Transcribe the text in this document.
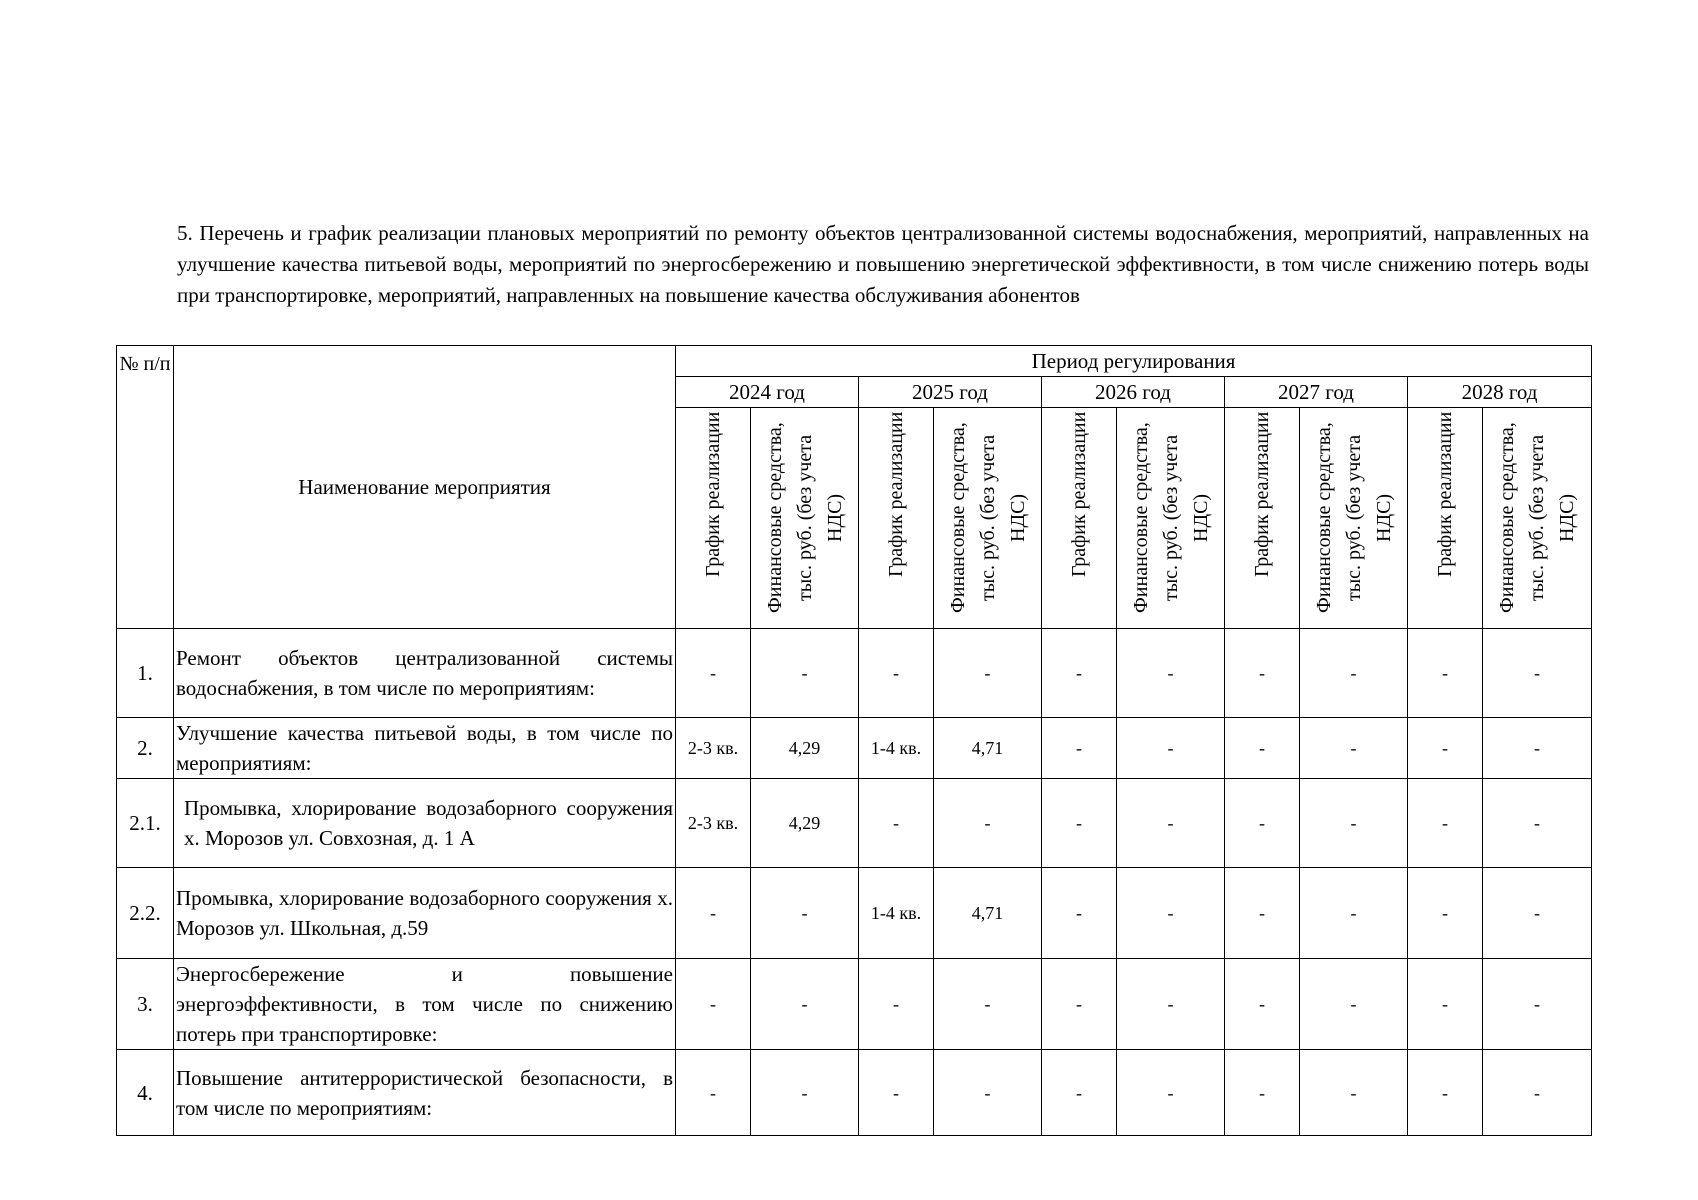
5. Перечень и график реализации плановых мероприятий по ремонту объектов централизованной системы водоснабжения, мероприятий, направленных на улучшение качества питьевой воды, мероприятий по энергосбережению и повышению энергетической эффективности, в том числе снижению потерь воды при транспортировке, мероприятий, направленных на повышение качества обслуживания абонентов
№ п/п	Наименование мероприятия	Период регулирования									
		2024 год		2025 год		2026 год		2027 год		2028 год	

График реализации	Финансовые средства, тыс. руб. (без учета НДС)	График реализации	Финансовые средства, тыс. руб. (без учета НДС)	График реализации	Финансовые средства, тыс. руб. (без учета НДС)	График реализации	Финансовые средства, тыс. руб. (без учета НДС)	График реализации	Финансовые средства, тыс. руб. (без учета НДС)

1.	Ремонт объектов централизованной системы водоснабжения, в том числе по мероприятиям:	-	-	-	-	-	-	-	-	-	-
2.	Улучшение качества питьевой воды, в том числе по мероприятиям:	2-3 кв.	4,29	1-4 кв.	4,71	-	-	-	-	-	-
2.1.	Промывка, хлорирование водозаборного сооружения х. Морозов ул. Совхозная, д. 1 А	2-3 кв.	4,29	-	-	-	-	-	-	-	-
2.2.	Промывка, хлорирование водозаборного сооружения х. Морозов ул. Школьная, д.59	-	-	1-4 кв.	4,71	-	-	-	-	-	-
3.	Энергосбережение и повышение энергоэффективности, в том числе по снижению потерь при транспортировке:	-	-	-	-	-	-	-	-	-	-
4.	Повышение антитеррористической безопасности, в том числе по мероприятиям:	-	-	-	-	-	-	-	-	-	-
